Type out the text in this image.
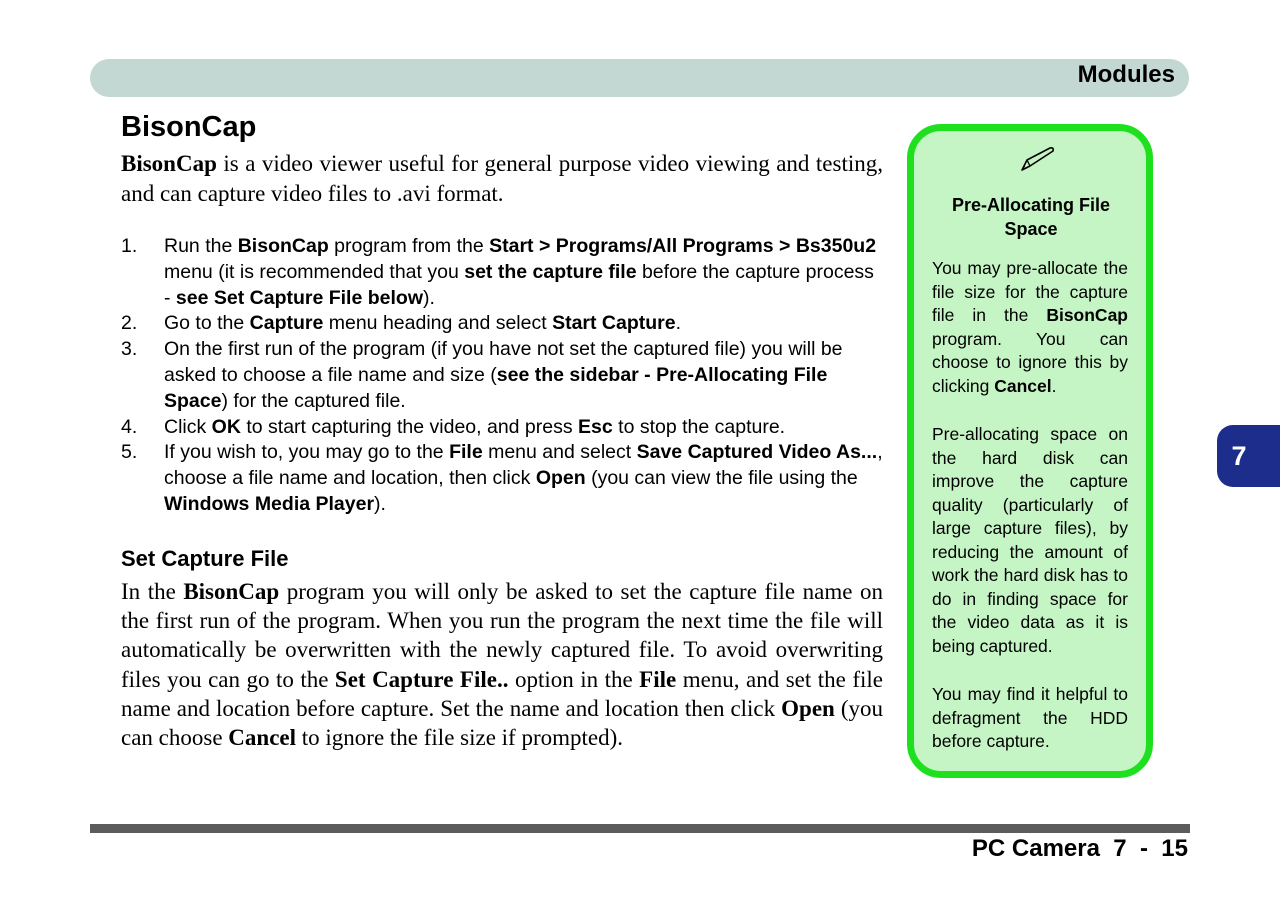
Modules
BisonCap

BisonCap is a video viewer useful for general purpose video viewing and testing, and can capture video files to .avi format.

1. Run the BisonCap program from the Start > Programs/All Programs > Bs350u2 menu (it is recommended that you set the capture file before the capture process - see Set Capture File below).
2. Go to the Capture menu heading and select Start Capture.
3. On the first run of the program (if you have not set the captured file) you will be asked to choose a file name and size (see the sidebar - Pre-Allocating File Space) for the captured file.
4. Click OK to start capturing the video, and press Esc to stop the capture.
5. If you wish to, you may go to the File menu and select Save Captured Video As..., choose a file name and location, then click Open (you can view the file using the Windows Media Player).
Set Capture File

In the BisonCap program you will only be asked to set the capture file name on the first run of the program. When you run the program the next time the file will automatically be overwritten with the newly captured file. To avoid overwriting files you can go to the Set Capture File.. option in the File menu, and set the file name and location before capture. Set the name and location then click Open (you can choose Cancel to ignore the file size if prompted).

Pre-Allocating File Space

You may pre-allocate the file size for the capture file in the BisonCap program. You can choose to ignore this by clicking Cancel.

Pre-allocating space on the hard disk can improve the capture quality (particularly of large capture files), by reducing the amount of work the hard disk has to do in finding space for the video data as it is being captured.

You may find it helpful to defragment the HDD before capture.

7
PC Camera  7  -  15
